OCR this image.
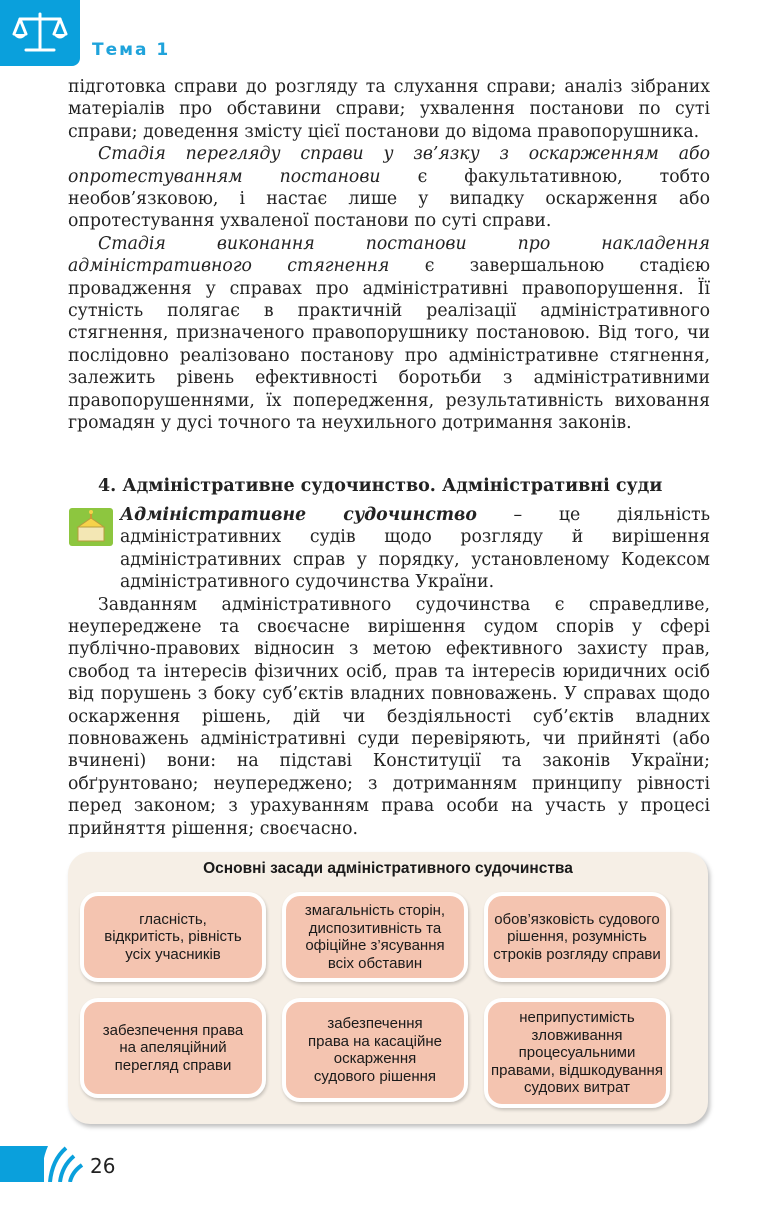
Тема 1

підготовка справи до розгляду та слухання справи; аналіз зібраних матеріалів про обставини справи; ухвалення постанови по суті справи; доведення змісту цієї постанови до відома правопорушника.

Стадія перегляду справи у зв’язку з оскарженням або опротестуванням постанови є факультативною, тобто необов’язковою, і настає лише у випадку оскарження або опротестування ухваленої постанови по суті справи.

Стадія виконання постанови про накладення адміністративного стягнення є завершальною стадією провадження у справах про адміністративні правопорушення. Її сутність полягає в практичній реалізації адміністративного стягнення, призначеного правопорушнику постановою. Від того, чи послідовно реалізовано постанову про адміністративне стягнення, залежить рівень ефективності боротьби з адміністративними правопорушеннями, їх попередження, результативність виховання громадян у дусі точного та неухильного дотримання законів.

4. Адміністративне судочинство. Адміністративні суди

Адміністративне судочинство – це діяльність адміністративних судів щодо розгляду й вирішення адміністративних справ у порядку, установленому Кодексом адміністративного судочинства України.

Завданням адміністративного судочинства є справедливе, неупереджене та своєчасне вирішення судом спорів у сфері публічно-правових відносин з метою ефективного захисту прав, свобод та інтересів фізичних осіб, прав та інтересів юридичних осіб від порушень з боку суб’єктів владних повноважень. У справах щодо оскарження рішень, дій чи бездіяльності суб’єктів владних повноважень адміністративні суди перевіряють, чи прийняті (або вчинені) вони: на підставі Конституції та законів України; обґрунтовано; неупереджено; з дотриманням принципу рівності перед законом; з урахуванням права особи на участь у процесі прийняття рішення; своєчасно.

Основні засади адміністративного судочинства
гласність,
відкритість, рівність
усіх учасників
змагальність сторін,
диспозитивність та
офіційне з’ясування
всіх обставин
обов’язковість судового
рішення, розумність
строків розгляду справи
забезпечення права
на апеляційний
перегляд справи
забезпечення
права на касаційне
оскарження
судового рішення
неприпустимість
зловживання
процесуальними
правами, відшкодування
судових витрат
26
